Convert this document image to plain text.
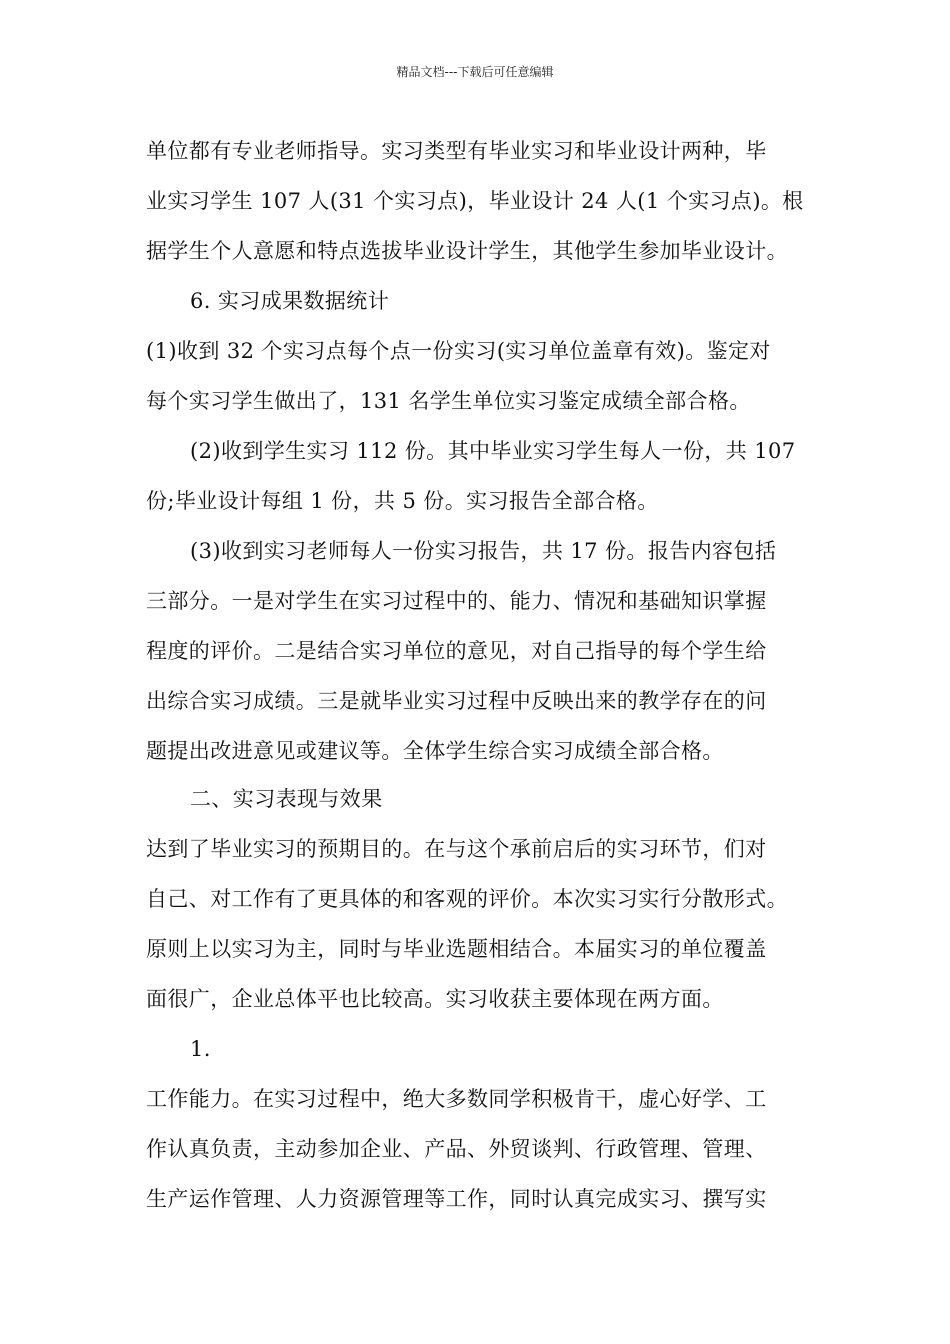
精品文档---下载后可任意编辑
单位都有专业老师指导。实习类型有毕业实习和毕业设计两种，毕
业实习学生 107 人(31 个实习点)，毕业设计 24 人(1 个实习点)。根
据学生个人意愿和特点选拔毕业设计学生，其他学生参加毕业设计。
6. 实习成果数据统计
(1)收到 32 个实习点每个点一份实习(实习单位盖章有效)。鉴定对
每个实习学生做出了，131 名学生单位实习鉴定成绩全部合格。
(2)收到学生实习 112 份。其中毕业实习学生每人一份，共 107
份;毕业设计每组 1 份，共 5 份。实习报告全部合格。
(3)收到实习老师每人一份实习报告，共 17 份。报告内容包括
三部分。一是对学生在实习过程中的、能力、情况和基础知识掌握
程度的评价。二是结合实习单位的意见，对自己指导的每个学生给
出综合实习成绩。三是就毕业实习过程中反映出来的教学存在的问
题提出改进意见或建议等。全体学生综合实习成绩全部合格。
二、实习表现与效果
达到了毕业实习的预期目的。在与这个承前启后的实习环节，们对
自己、对工作有了更具体的和客观的评价。本次实习实行分散形式。
原则上以实习为主，同时与毕业选题相结合。本届实习的单位覆盖
面很广，企业总体平也比较高。实习收获主要体现在两方面。
1.
工作能力。在实习过程中，绝大多数同学积极肯干，虚心好学、工
作认真负责，主动参加企业、产品、外贸谈判、行政管理、管理、
生产运作管理、人力资源管理等工作，同时认真完成实习、撰写实
